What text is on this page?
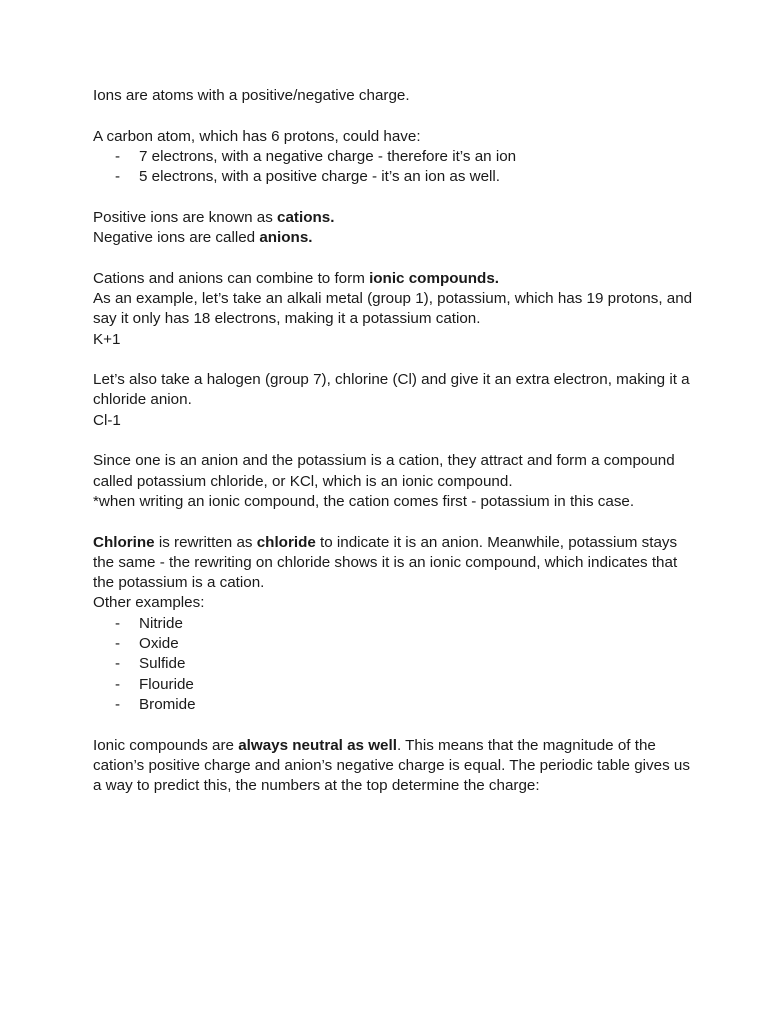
Ions are atoms with a positive/negative charge.

A carbon atom, which has 6 protons, could have:

- 7 electrons, with a negative charge - therefore it’s an ion
- 5 electrons, with a positive charge - it’s an ion as well.

Positive ions are known as cations.

Negative ions are called anions.

Cations and anions can combine to form ionic compounds.

As an example, let’s take an alkali metal (group 1), potassium, which has 19 protons, and say it only has 18 electrons, making it a potassium cation.

K+1

Let’s also take a halogen (group 7), chlorine (Cl) and give it an extra electron, making it a chloride anion.

Cl-1

Since one is an anion and the potassium is a cation, they attract and form a compound called potassium chloride, or KCl, which is an ionic compound.

*when writing an ionic compound, the cation comes first - potassium in this case.

Chlorine is rewritten as chloride to indicate it is an anion. Meanwhile, potassium stays the same - the rewriting on chloride shows it is an ionic compound, which indicates that the potassium is a cation.

Other examples:

- Nitride
- Oxide
- Sulfide
- Flouride
- Bromide

Ionic compounds are always neutral as well. This means that the magnitude of the cation’s positive charge and anion’s negative charge is equal. The periodic table gives us a way to predict this, the numbers at the top determine the charge:
